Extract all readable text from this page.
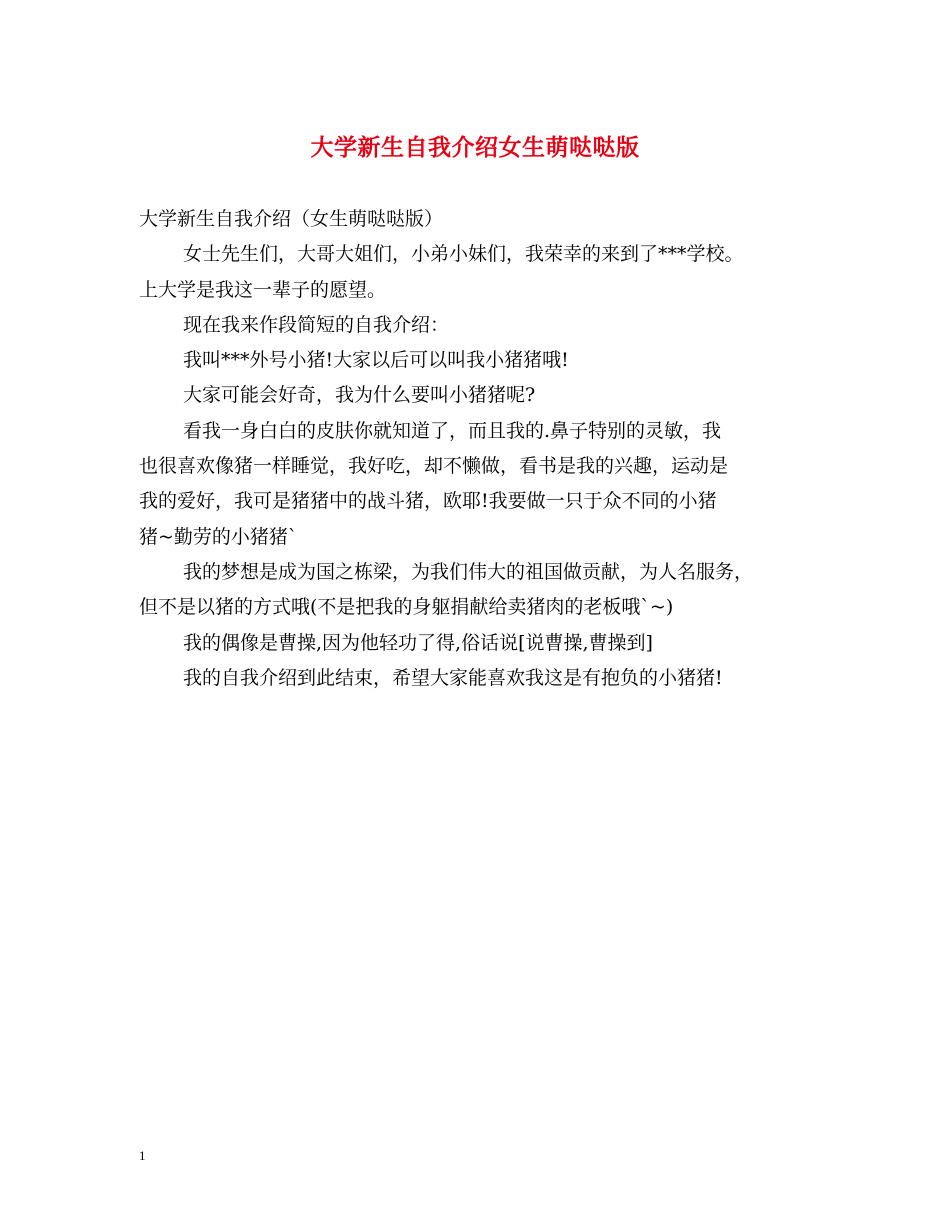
大学新生自我介绍女生萌哒哒版

大学新生自我介绍（女生萌哒哒版）

女士先生们，大哥大姐们，小弟小妹们，我荣幸的来到了***学校。

上大学是我这一辈子的愿望。

现在我来作段简短的自我介绍：

我叫***外号小猪!大家以后可以叫我小猪猪哦!

大家可能会好奇，我为什么要叫小猪猪呢?

看我一身白白的皮肤你就知道了，而且我的.鼻子特别的灵敏，我

也很喜欢像猪一样睡觉，我好吃，却不懒做，看书是我的兴趣，运动是

我的爱好，我可是猪猪中的战斗猪，欧耶!我要做一只于众不同的小猪

猪~勤劳的小猪猪`

我的梦想是成为国之栋梁，为我们伟大的祖国做贡献，为人名服务，

但不是以猪的方式哦(不是把我的身躯捐献给卖猪肉的老板哦`~)

我的偶像是曹操,因为他轻功了得,俗话说[说曹操,曹操到]

我的自我介绍到此结束，希望大家能喜欢我这是有抱负的小猪猪!

1
